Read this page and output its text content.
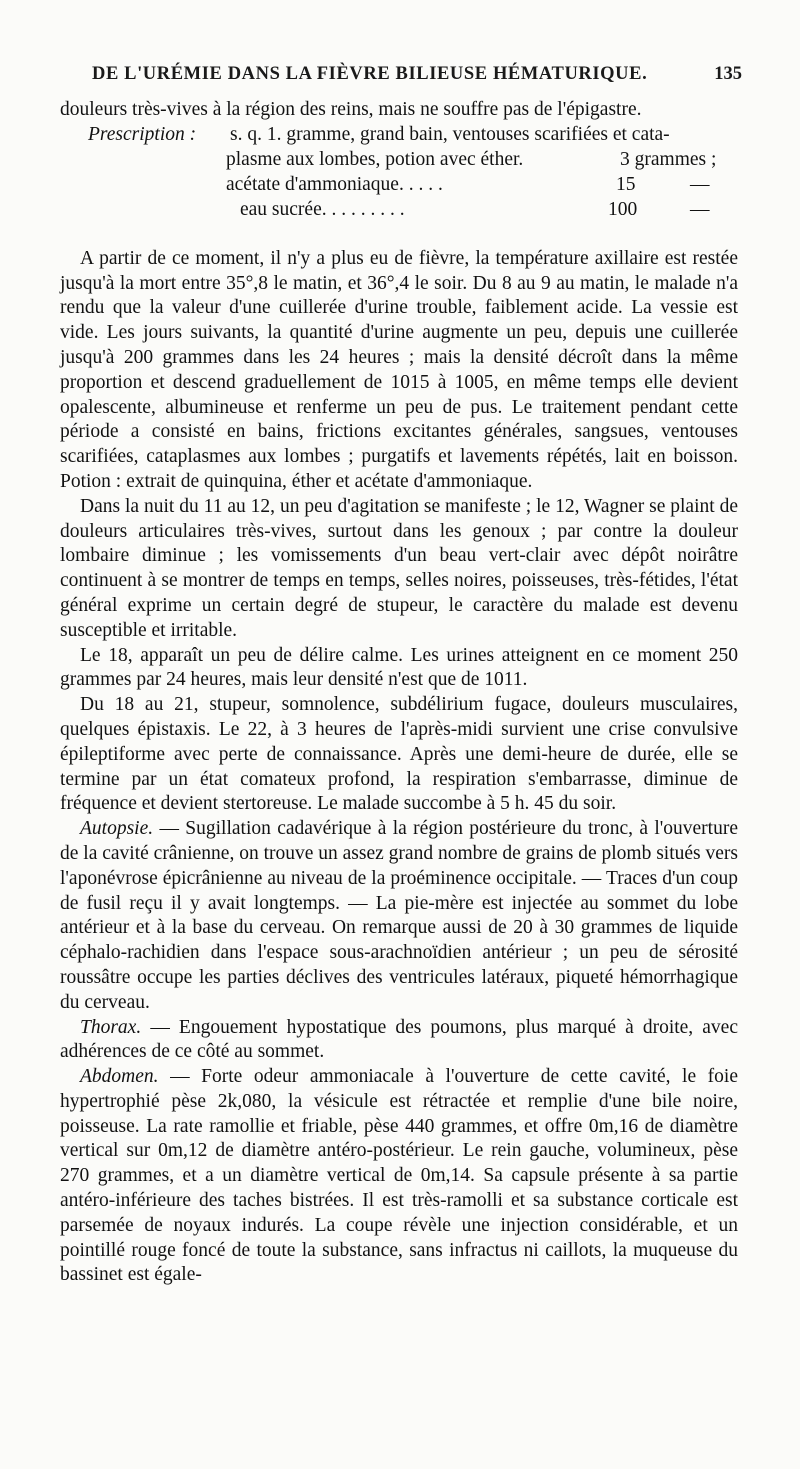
DE L'URÉMIE DANS LA FIÈVRE BILIEUSE HÉMATURIQUE.	135

douleurs très-vives à la région des reins, mais ne souffre pas de l'épigastre.

Prescription : s. q. 1. gramme, grand bain, ventouses scarifiées et cata-
plasme aux lombes, potion avec éther.	3 grammes ;
acétate d'ammoniaque. . . . .	15	—
eau sucrée. . . . . . . . .	100	—

A partir de ce moment, il n'y a plus eu de fièvre, la température axillaire est restée jusqu'à la mort entre 35°,8 le matin, et 36°,4 le soir. Du 8 au 9 au matin, le malade n'a rendu que la valeur d'une cuillerée d'urine trouble, faiblement acide. La vessie est vide. Les jours suivants, la quantité d'urine augmente un peu, depuis une cuillerée jusqu'à 200 grammes dans les 24 heures ; mais la densité décroît dans la même proportion et descend graduellement de 1015 à 1005, en même temps elle devient opalescente, albumineuse et renferme un peu de pus. Le traitement pendant cette période a consisté en bains, frictions excitantes générales, sangsues, ventouses scarifiées, cataplasmes aux lombes ; purgatifs et lavements répétés, lait en boisson. Potion : extrait de quinquina, éther et acétate d'ammoniaque.

Dans la nuit du 11 au 12, un peu d'agitation se manifeste ; le 12, Wagner se plaint de douleurs articulaires très-vives, surtout dans les genoux ; par contre la douleur lombaire diminue ; les vomissements d'un beau vert-clair avec dépôt noirâtre continuent à se montrer de temps en temps, selles noires, poisseuses, très-fétides, l'état général exprime un certain degré de stupeur, le caractère du malade est devenu susceptible et irritable.

Le 18, apparaît un peu de délire calme. Les urines atteignent en ce moment 250 grammes par 24 heures, mais leur densité n'est que de 1011.

Du 18 au 21, stupeur, somnolence, subdélirium fugace, douleurs musculaires, quelques épistaxis. Le 22, à 3 heures de l'après-midi survient une crise convulsive épileptiforme avec perte de connaissance. Après une demi-heure de durée, elle se termine par un état comateux profond, la respiration s'embarrasse, diminue de fréquence et devient stertoreuse. Le malade succombe à 5 h. 45 du soir.

Autopsie. — Sugillation cadavérique à la région postérieure du tronc, à l'ouverture de la cavité crânienne, on trouve un assez grand nombre de grains de plomb situés vers l'aponévrose épicrânienne au niveau de la proéminence occipitale. — Traces d'un coup de fusil reçu il y avait longtemps. — La pie-mère est injectée au sommet du lobe antérieur et à la base du cerveau. On remarque aussi de 20 à 30 grammes de liquide céphalo-rachidien dans l'espace sous-arachnoïdien antérieur ; un peu de sérosité roussâtre occupe les parties déclives des ventricules latéraux, piqueté hémorrhagique du cerveau.

Thorax. — Engouement hypostatique des poumons, plus marqué à droite, avec adhérences de ce côté au sommet.

Abdomen. — Forte odeur ammoniacale à l'ouverture de cette cavité, le foie hypertrophié pèse 2k,080, la vésicule est rétractée et remplie d'une bile noire, poisseuse. La rate ramollie et friable, pèse 440 grammes, et offre 0m,16 de diamètre vertical sur 0m,12 de diamètre antéro-postérieur. Le rein gauche, volumineux, pèse 270 grammes, et a un diamètre vertical de 0m,14. Sa capsule présente à sa partie antéro-inférieure des taches bistrées. Il est très-ramolli et sa substance corticale est parsemée de noyaux indurés. La coupe révèle une injection considérable, et un pointillé rouge foncé de toute la substance, sans infractus ni caillots, la muqueuse du bassinet est égale-
